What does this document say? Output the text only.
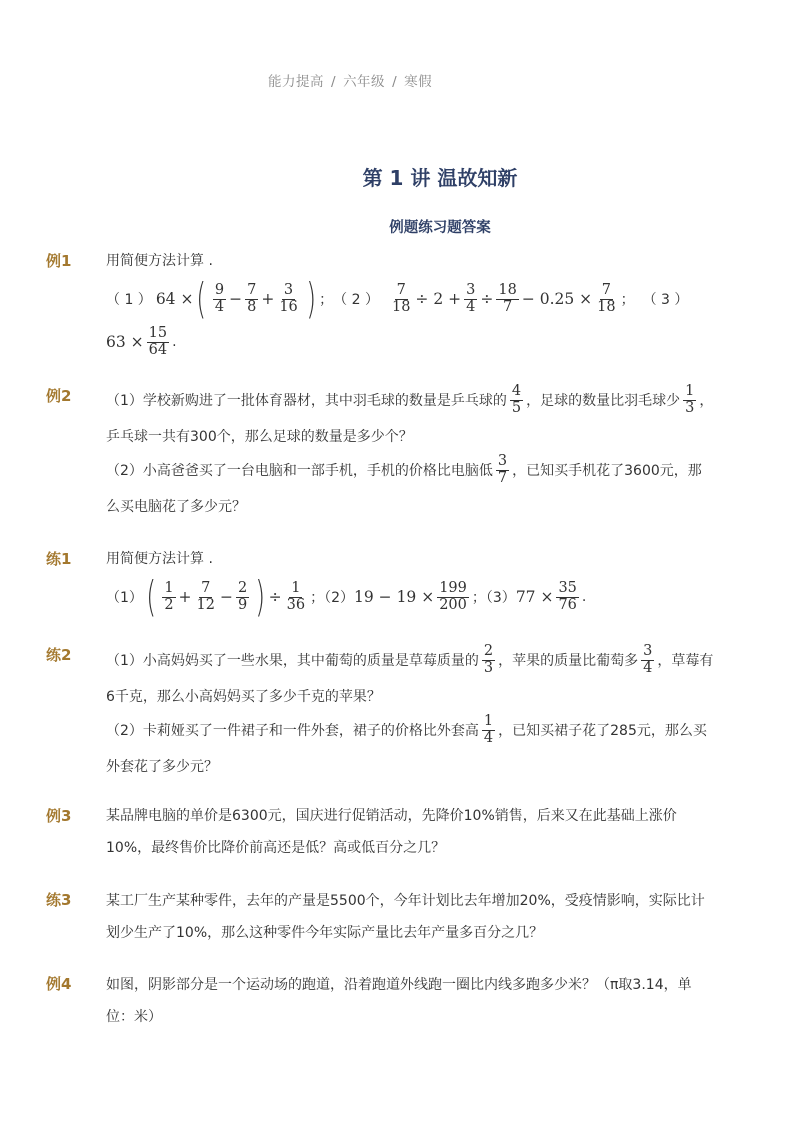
能力提高 / 六年级 / 寒假
第 1 讲 温故知新
例题练习题答案
例1 用简便方法计算 .
（ 1 ） 64 × ( $\frac{9}{4} - \frac{7}{8} + \frac{3}{16}$ ) ； （ 2 ） $\frac{7}{18} \div 2 + \frac{3}{4} \div \frac{18}{7} - 0.25 \times \frac{7}{18}$ ； （ 3 ）
$63 \times \frac{15}{64}$ .
例2 （1）学校新购进了一批体育器材，其中羽毛球的数量是乒乓球的 $\frac{4}{5}$ ，足球的数量比羽毛球少 $\frac{1}{3}$ ，
乒乓球一共有300个，那么足球的数量是多少个？
（2）小高爸爸买了一台电脑和一部手机，手机的价格比电脑低 $\frac{3}{7}$ ，已知买手机花了3600元，那
么买电脑花了多少元？
练1 用简便方法计算 .
（1） ( $\frac{1}{2} + \frac{7}{12} - \frac{2}{9}$ ) ÷ $\frac{1}{36}$ ；（2） $19 - 19 \times \frac{199}{200}$ ；（3） $77 \times \frac{35}{76}$ .
练2 （1）小高妈妈买了一些水果，其中葡萄的质量是草莓质量的 $\frac{2}{3}$ ，苹果的质量比葡萄多 $\frac{3}{4}$ ，草莓有
6千克，那么小高妈妈买了多少千克的苹果？
（2）卡莉娅买了一件裙子和一件外套，裙子的价格比外套高 $\frac{1}{4}$ ，已知买裙子花了285元，那么买
外套花了多少元？
例3 某品牌电脑的单价是6300元，国庆进行促销活动，先降价10%销售，后来又在此基础上涨价
10%，最终售价比降价前高还是低？高或低百分之几？
练3 某工厂生产某种零件，去年的产量是5500个，今年计划比去年增加20%，受疫情影响，实际比计
划少生产了10%，那么这种零件今年实际产量比去年产量多百分之几？
例4 如图，阴影部分是一个运动场的跑道，沿着跑道外线跑一圈比内线多跑多少米？（π取3.14，单
位：米）
